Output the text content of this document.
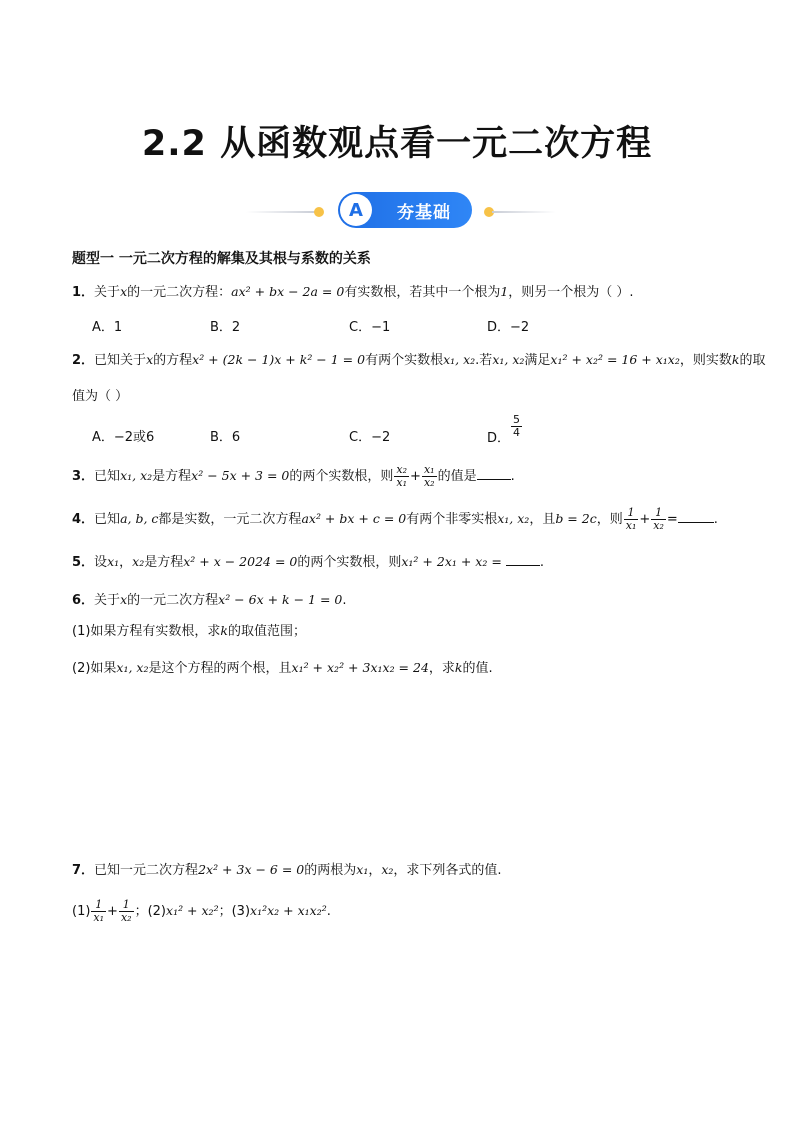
2.2 从函数观点看一元二次方程
A	夯基础
题型一 一元二次方程的解集及其根与系数的关系
1．关于x的一元二次方程：ax² + bx − 2a = 0有实数根，若其中一个根为1，则另一个根为（ ）.
A．1	B．2	C．−1	D．−2
2．已知关于x的方程x² + (2k − 1)x + k² − 1 = 0有两个实数根x₁, x₂.若x₁, x₂满足x₁² + x₂² = 16 + x₁x₂，则实数k的取
值为（ ）
A．−2或6	B．6	C．−2	D． $\frac{5}{4}$
3．已知x₁, x₂是方程x² − 5x + 3 = 0的两个实数根，则 $\frac{\text{x₂}}{\text{x₁}} + \frac{\text{x₁}}{\text{x₂}}$ 的值是	.
4．已知a, b, c都是实数，一元二次方程ax² + bx + c = 0有两个非零实根x₁, x₂，且b = 2c，则 $\frac{1}{\text{x₁}} + \frac{1}{\text{x₂}}$ =	.
5．设x₁，x₂是方程x² + x − 2024 = 0的两个实数根，则x₁² + 2x₁ + x₂ =	.
6．关于x的一元二次方程x² − 6x + k − 1 = 0.
(1)如果方程有实数根，求k的取值范围；
(2)如果x₁, x₂是这个方程的两个根，且x₁² + x₂² + 3x₁x₂ = 24，求k的值.
7．已知一元二次方程2x² + 3x − 6 = 0的两根为x₁，x₂，求下列各式的值.
$(1) \frac{1}{\text{x₁}} + \frac{1}{\text{x₂}}$ ；(2)x₁² + x₂²；(3)x₁²x₂ + x₁x₂².
